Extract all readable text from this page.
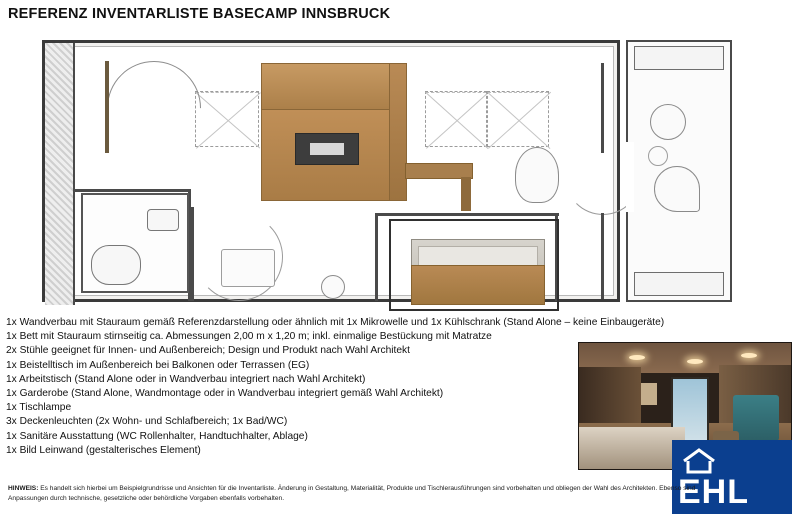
REFERENZ INVENTARLISTE BASECAMP INNSBRUCK
1x Wandverbau mit Stauraum gemäß Referenzdarstellung oder ähnlich mit 1x Mikrowelle und 1x Kühlschrank (Stand Alone – keine Einbaugeräte)
1x Bett mit Stauraum stirnseitig ca. Abmessungen 2,00 m x 1,20 m; inkl. einmalige Bestückung mit Matratze
2x Stühle geeignet für Innen- und Außenbereich; Design und Produkt nach Wahl Architekt
1x Beistelltisch im Außenbereich bei Balkonen oder Terrassen (EG)
1x Arbeitstisch (Stand Alone oder in Wandverbau integriert nach Wahl Architekt)
1x Garderobe (Stand Alone, Wandmontage oder in Wandverbau integriert gemäß Wahl Architekt)
1x Tischlampe
3x Deckenleuchten (2x Wohn- und Schlafbereich; 1x Bad/WC)
1x Sanitäre Ausstattung (WC Rollenhalter, Handtuchhalter, Ablage)
1x Bild Leinwand (gestalterisches Element)
EHL
HINWEIS: Es handelt sich hierbei um Beispielgrundrisse und Ansichten für die Inventarliste. Änderung in Gestaltung, Materialität, Produkte und Tischlerausführungen sind vorbehalten und obliegen der Wahl des Architekten. Ebenso sind Anpassungen durch technische, gesetzliche oder behördliche Vorgaben ebenfalls vorbehalten.
